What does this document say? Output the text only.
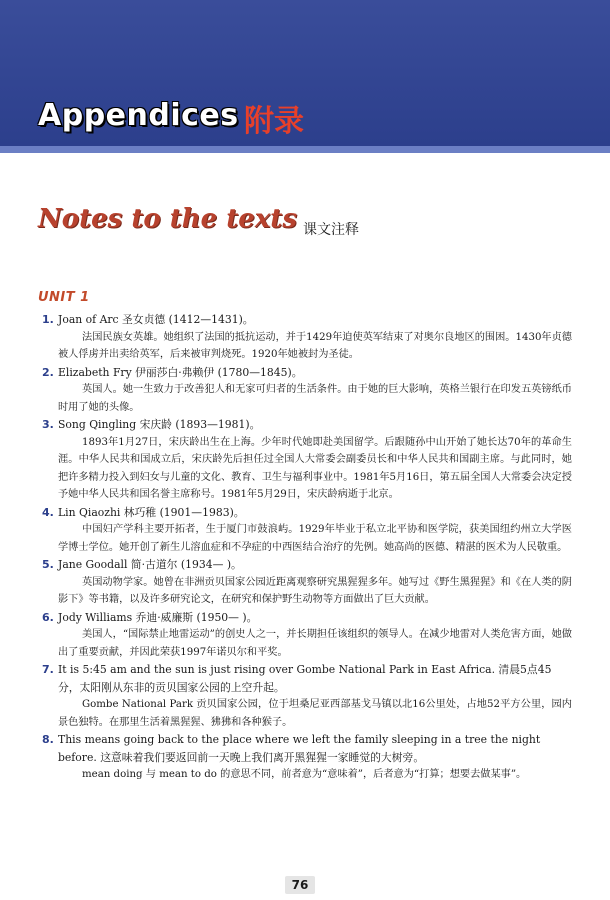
Appendices 附录
Notes to the texts 课文注释
UNIT 1
1. Joan of Arc 圣女贞德 (1412—1431)。
法国民族女英雄。她组织了法国的抵抗运动，并于1429年迫使英军结束了对奥尔良地区的围困。1430年贞德被人俘虏并出卖给英军，后来被审判烧死。1920年她被封为圣徒。
2. Elizabeth Fry 伊丽莎白·弗赖伊 (1780—1845)。
英国人。她一生致力于改善犯人和无家可归者的生活条件。由于她的巨大影响，英格兰银行在印发五英镑纸币时用了她的头像。
3. Song Qingling 宋庆龄 (1893—1981)。
1893年1月27日，宋庆龄出生在上海。少年时代她即赴美国留学。后跟随孙中山开始了她长达70年的革命生涯。中华人民共和国成立后，宋庆龄先后担任过全国人大常委会副委员长和中华人民共和国副主席。与此同时，她把许多精力投入到妇女与儿童的文化、教育、卫生与福利事业中。1981年5月16日，第五届全国人大常委会决定授予她中华人民共和国名誉主席称号。1981年5月29日，宋庆龄病逝于北京。
4. Lin Qiaozhi 林巧稚 (1901—1983)。
中国妇产学科主要开拓者，生于厦门市鼓浪屿。1929年毕业于私立北平协和医学院，获美国纽约州立大学医学博士学位。她开创了新生儿溶血症和不孕症的中西医结合治疗的先例。她高尚的医德、精湛的医术为人民敬重。
5. Jane Goodall 简·古道尔 (1934— )。
英国动物学家。她曾在非洲贡贝国家公园近距离观察研究黑猩猩多年。她写过《野生黑猩猩》和《在人类的阴影下》等书籍，以及许多研究论文，在研究和保护野生动物等方面做出了巨大贡献。
6. Jody Williams 乔迪·威廉斯 (1950— )。
美国人，“国际禁止地雷运动”的创史人之一，并长期担任该组织的领导人。在减少地雷对人类危害方面，她做出了重要贡献，并因此荣获1997年诺贝尔和平奖。
7. It is 5:45 am and the sun is just rising over Gombe National Park in East Africa. 清晨5点45分，太阳刚从东非的贡贝国家公园的上空升起。
Gombe National Park 贡贝国家公园，位于坦桑尼亚西部基戈马镇以北16公里处，占地52平方公里，园内景色独特。在那里生活着黑猩猩、狒狒和各种猴子。
8. This means going back to the place where we left the family sleeping in a tree the night before. 这意味着我们要返回前一天晚上我们离开黑猩猩一家睡觉的大树旁。
mean doing 与 mean to do 的意思不同，前者意为“意味着”，后者意为“打算；想要去做某事”。
76
